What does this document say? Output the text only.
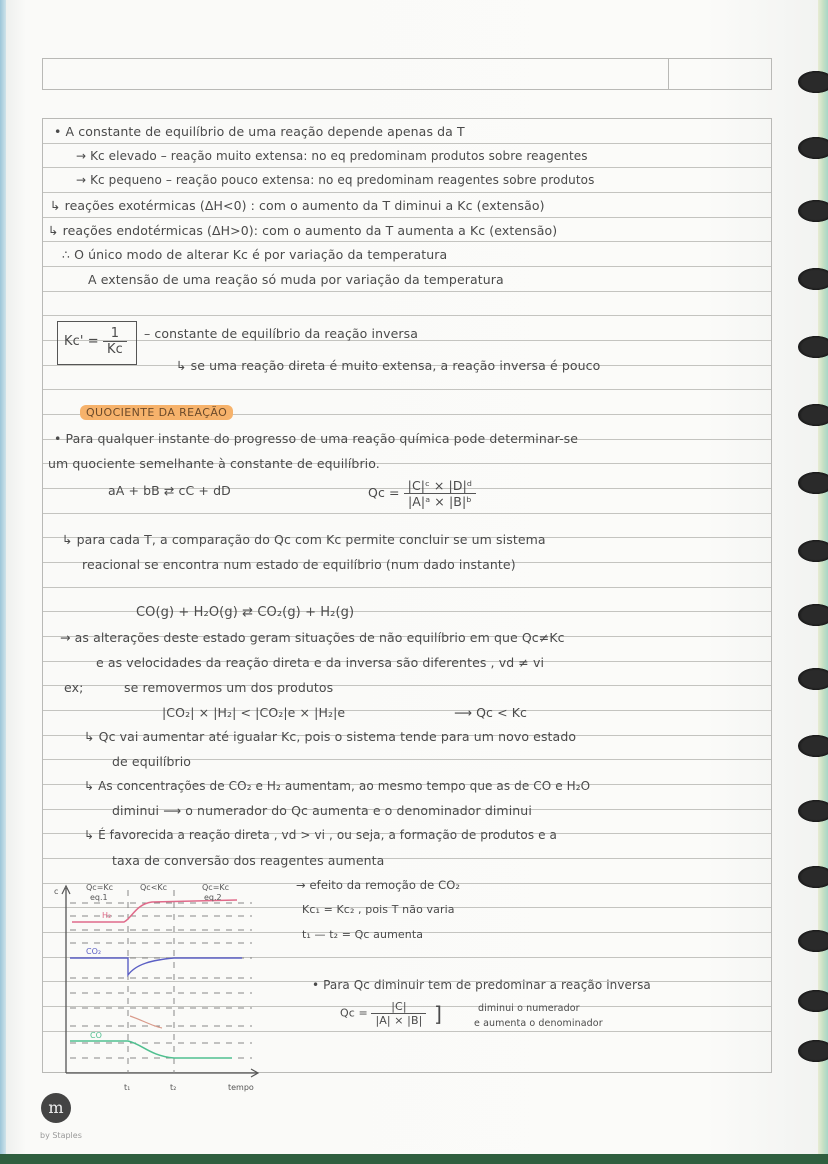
• A constante de equilíbrio de uma reação depende apenas da T
→ Kc elevado – reação muito extensa: no eq predominam produtos sobre reagentes
→ Kc pequeno – reação pouco extensa: no eq predominam reagentes sobre produtos
↳ reações exotérmicas (ΔH<0) : com o aumento da T diminui a Kc (extensão)
↳ reações endotérmicas (ΔH>0): com o aumento da T aumenta a Kc (extensão)
∴ O único modo de alterar Kc é por variação da temperatura
A extensão de uma reação só muda por variação da temperatura
$Kc' = \frac{1}{Kc}$ – constante de equilíbrio da reação inversa
↳ se uma reação direta é muito extensa, a reação inversa é pouco
QUOCIENTE DA REAÇÃO
• Para qualquer instante do progresso de uma reação química pode determinar-se
um quociente semelhante à constante de equilíbrio.
aA + bB ⇄ cC + dD	$Qc = \frac{\text{|C|ᶜ × |D|ᵈ}}{\text{|A|ᵃ × |B|ᵇ}}$
↳ para cada T, a comparação do Qc com Kc permite concluir se um sistema
reacional se encontra num estado de equilíbrio (num dado instante)
CO(g) + H₂O(g) ⇄ CO₂(g) + H₂(g)
→ as alterações deste estado geram situações de não equilíbrio em que Qc≠Kc
e as velocidades da reação direta e da inversa são diferentes , vd ≠ vi
ex;	se removermos um dos produtos
|CO₂| × |H₂| < |CO₂|e × |H₂|e	⟶ Qc < Kc
↳ Qc vai aumentar até igualar Kc, pois o sistema tende para um novo estado
de equilíbrio
↳ As concentrações de CO₂ e H₂ aumentam, ao mesmo tempo que as de CO e H₂O
diminui ⟶ o numerador do Qc aumenta e o denominador diminui
↳ É favorecida a reação direta , vd > vi , ou seja, a formação de produtos e a
taxa de conversão dos reagentes aumenta
→ efeito da remoção de CO₂
Kc₁ = Kc₂ , pois T não varia
t₁ — t₂ = Qc aumenta
• Para Qc diminuir tem de predominar a reação inversa
$Qc = \frac{|C|}{|A| \times |B|}$ ]	diminui o numerador
e aumenta o denominador
H₂
CO₂
CO
c	Qc=Kc
eq.1
Qc<Kc	Qc=Kc
eq.2
t₁	t₂	tempo
m
by Staples
